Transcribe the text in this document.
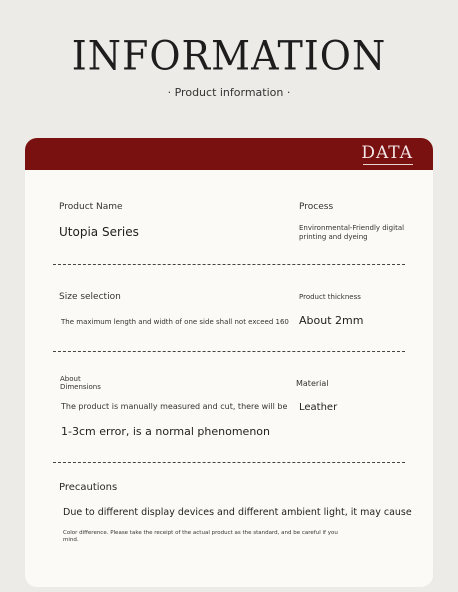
INFORMATION
· Product information ·
DATA
Product Name
Utopia Series
Process
Environmental-Friendly digital
printing and dyeing
Size selection
The maximum length and width of one side shall not exceed 160
Product thickness
About 2mm
About
Dimensions
The product is manually measured and cut, there will be
1-3cm error, is a normal phenomenon
Material
Leather
Precautions
Due to different display devices and different ambient light, it may cause
Color difference. Please take the receipt of the actual product as the standard, and be careful if you
mind.
